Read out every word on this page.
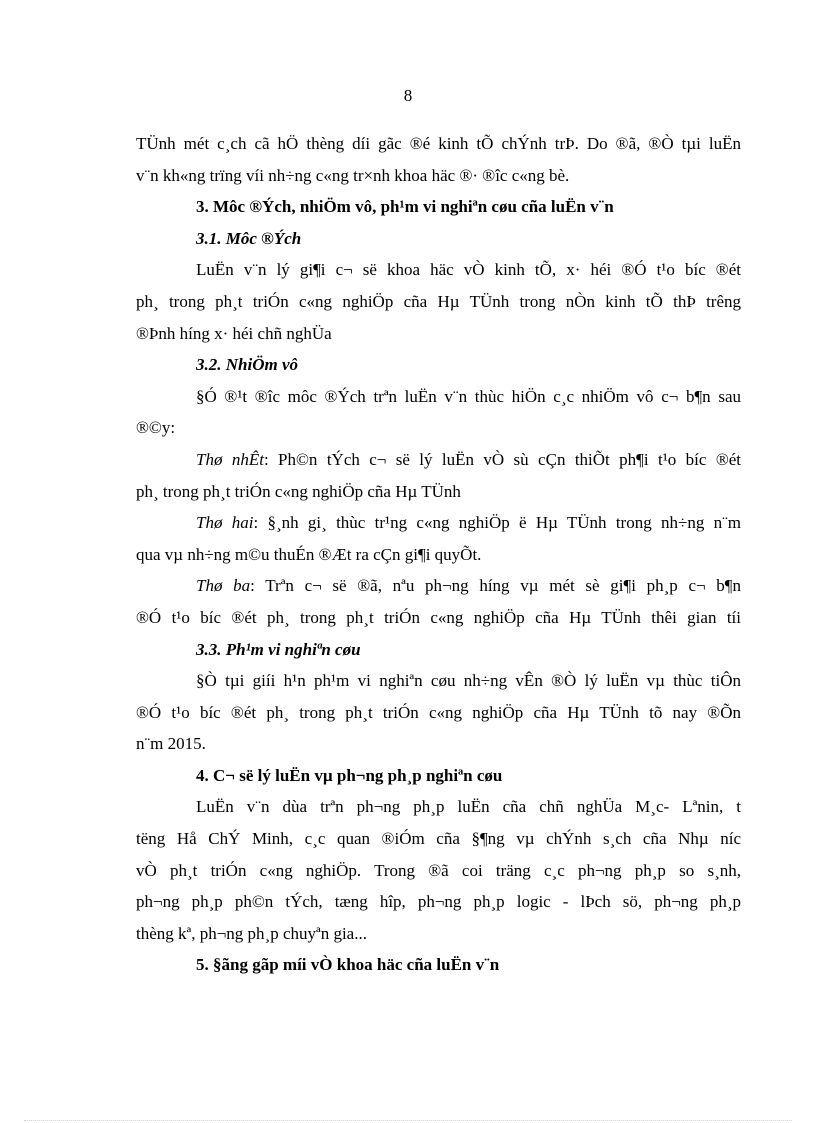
8
TÜnh mét c¸ch cã hÖ thèng díi gãc ®é kinh tÕ chÝnh trÞ. Do ®ã, ®Ò tµi luËn
v¨n kh«ng trïng víi nh÷ng c«ng tr×nh khoa häc ®· ®îc c«ng bè.
3. Môc ®Ých, nhiÖm vô, ph¹m vi nghiªn cøu cña luËn v¨n
3.1. Môc ®Ých
LuËn v¨n lý gi¶i c¬ së khoa häc vÒ kinh tÕ, x· héi ®Ó t¹o bíc ®ét
ph¸ trong ph¸t triÓn c«ng nghiÖp cña Hµ TÜnh trong nÒn kinh tÕ thÞ trêng
®Þnh híng x· héi chñ nghÜa
3.2. NhiÖm vô
§Ó ®¹t ®îc môc ®Ých trªn luËn v¨n thùc hiÖn c¸c nhiÖm vô c¬ b¶n sau
®©y:
Thø nhÊt: Ph©n tÝch c¬ së lý luËn vÒ sù cÇn thiÕt ph¶i t¹o bíc ®ét
ph¸ trong ph¸t triÓn c«ng nghiÖp cña Hµ TÜnh
Thø hai: §¸nh gi¸ thùc tr¹ng c«ng nghiÖp ë Hµ TÜnh trong nh÷ng n¨m
qua vµ nh÷ng m©u thuÉn ®Æt ra cÇn gi¶i quyÕt.
Thø ba: Trªn c¬ së ®ã, nªu ph¬ng híng vµ mét sè gi¶i ph¸p c¬ b¶n
®Ó t¹o bíc ®ét ph¸ trong ph¸t triÓn c«ng nghiÖp cña Hµ TÜnh thêi gian tíi
3.3. Ph¹m vi nghiªn cøu
§Ò tµi giíi h¹n ph¹m vi nghiªn cøu nh÷ng vÊn ®Ò lý luËn vµ thùc tiÔn
®Ó t¹o bíc ®ét ph¸ trong ph¸t triÓn c«ng nghiÖp cña Hµ TÜnh tõ nay ®Õn
n¨m 2015.
4. C¬ së lý luËn vµ ph¬ng ph¸p nghiªn cøu
LuËn v¨n dùa trªn ph¬ng ph¸p luËn cña chñ nghÜa M¸c- Lªnin, t
tëng Hå ChÝ Minh, c¸c quan ®iÓm cña §¶ng vµ chÝnh s¸ch cña Nhµ níc
vÒ ph¸t triÓn c«ng nghiÖp. Trong ®ã coi träng c¸c ph¬ng ph¸p so s¸nh,
ph¬ng ph¸p ph©n tÝch, tæng hîp, ph¬ng ph¸p logic - lÞch sö, ph¬ng ph¸p
thèng kª, ph¬ng ph¸p chuyªn gia...
5. §ãng gãp míi vÒ khoa häc cña luËn v¨n
